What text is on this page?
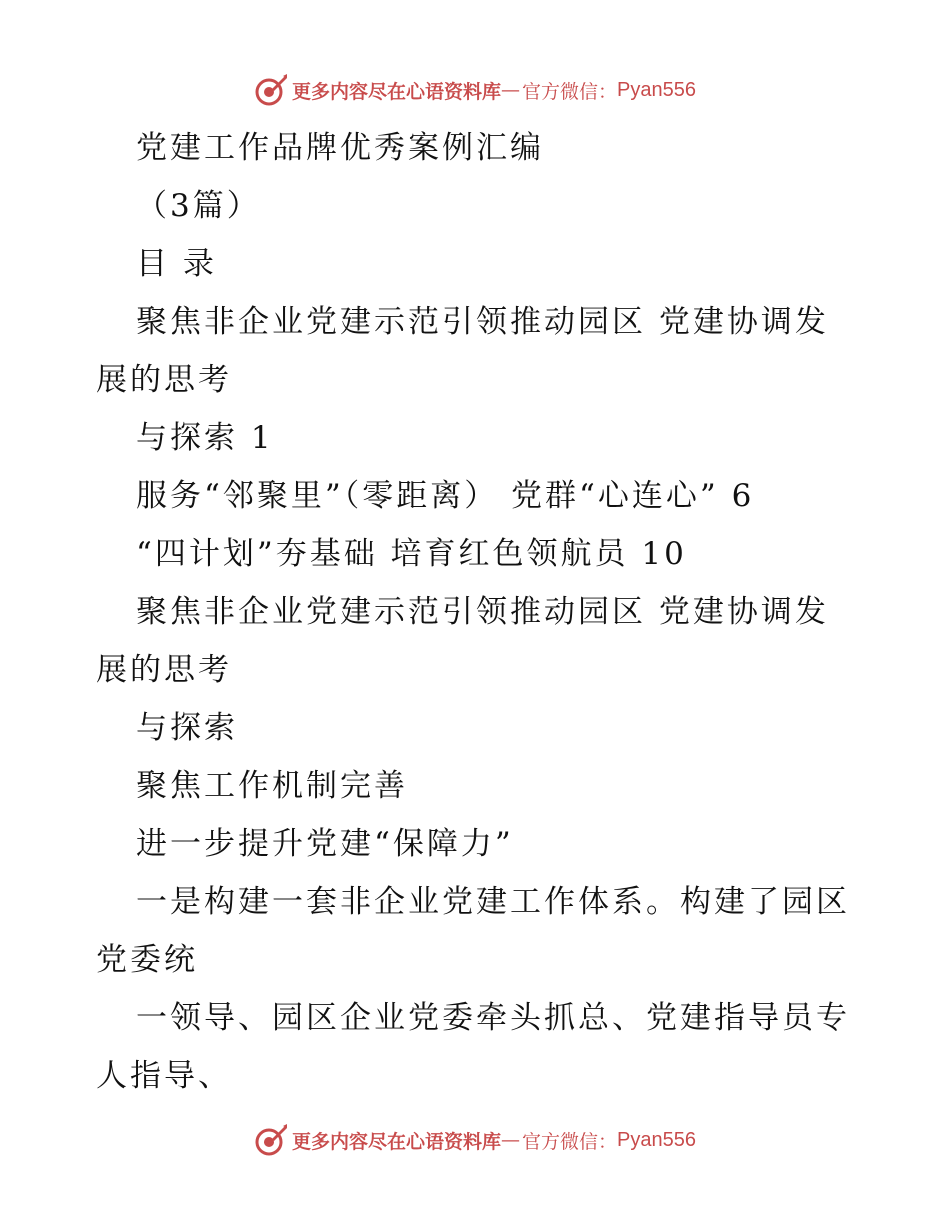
更多内容尽在心语资料库 — 官方微信： Pyan556
党建工作品牌优秀案例汇编
（3篇）
目 录
聚焦非企业党建示范引领推动园区 党建协调发
展的思考
与探索 1
服务“邻聚里”（零距离） 党群“心连心” 6
“四计划”夯基础 培育红色领航员 10
聚焦非企业党建示范引领推动园区 党建协调发
展的思考
与探索
聚焦工作机制完善
进一步提升党建“保障力”
一是构建一套非企业党建工作体系。构建了园区
党委统
一领导、园区企业党委牵头抓总、党建指导员专
人指导、
更多内容尽在心语资料库 — 官方微信： Pyan556
